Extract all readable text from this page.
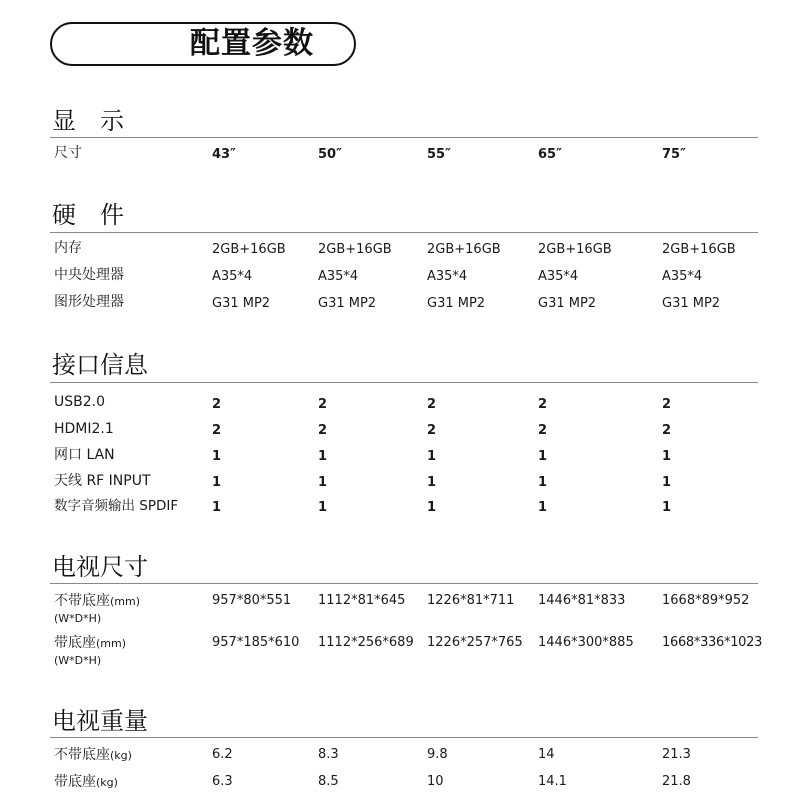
配置参数
显　示
尺寸	43″	50″	55″	65″	75″
硬　件
内存	2GB+16GB 2GB+16GB	2GB+16GB	2GB+16GB	2GB+16GB
中央处理器	A35*4	A35*4	A35*4	A35*4	A35*4
图形处理器	G31 MP2	G31 MP2	G31 MP2	G31 MP2	G31 MP2
接口信息
USB2.0	2	2	2	2	2
HDMI2.1	2	2	2	2	2
网口 LAN	1	1	1	1	1
天线 RF INPUT	1	1	1	1	1
数字音频输出 SPDIF	1	1	1	1	1
电视尺寸
不带底座(mm)
(W*D*H)
957*80*551 1112*81*645 1226*81*711 1446*81*833	1668*89*952
带底座(mm)
(W*D*H)
957*185*610 1112*256*689 1226*257*765 1446*300*885 1668*336*1023
电视重量
不带底座(kg)	6.2	8.3	9.8	14	21.3
带底座(kg)	6.3	8.5	10	14.1	21.8
